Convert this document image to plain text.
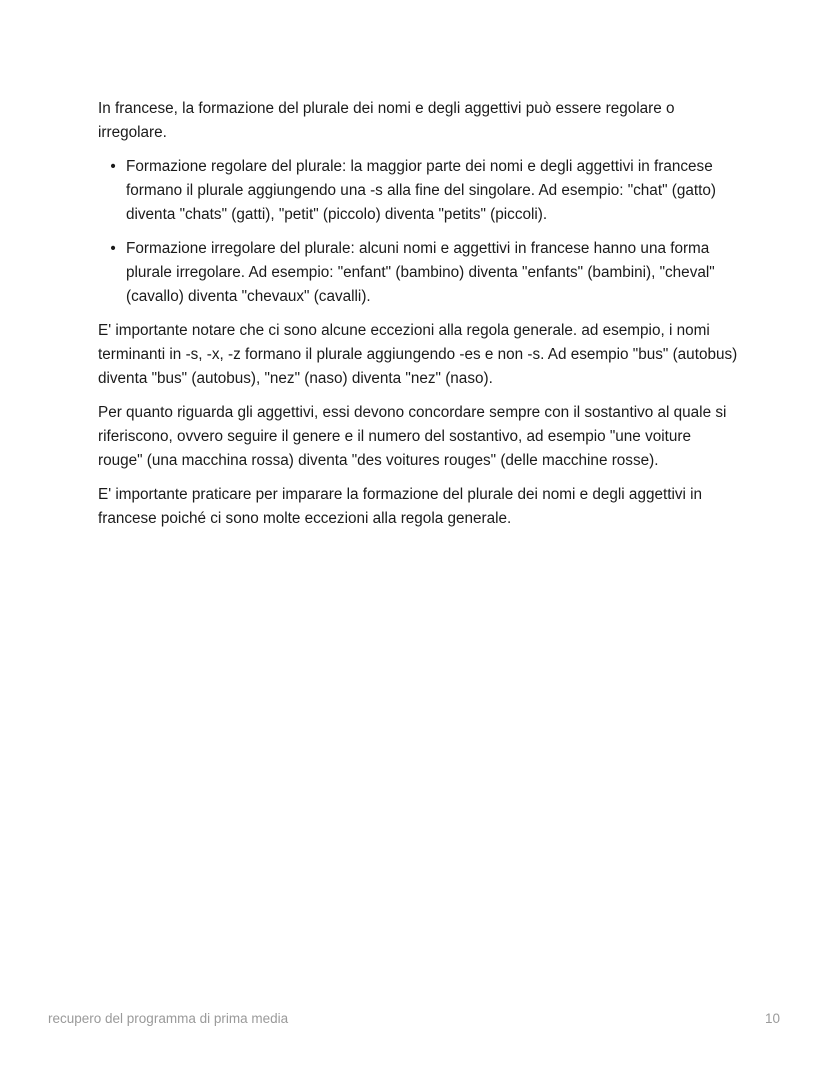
In francese, la formazione del plurale dei nomi e degli aggettivi può essere regolare o irregolare.

• Formazione regolare del plurale: la maggior parte dei nomi e degli aggettivi in francese formano il plurale aggiungendo una -s alla fine del singolare. Ad esempio: "chat" (gatto) diventa "chats" (gatti), "petit" (piccolo) diventa "petits" (piccoli).
• Formazione irregolare del plurale: alcuni nomi e aggettivi in francese hanno una forma plurale irregolare. Ad esempio: "enfant" (bambino) diventa "enfants" (bambini), "cheval" (cavallo) diventa "chevaux" (cavalli).

E' importante notare che ci sono alcune eccezioni alla regola generale. ad esempio, i nomi terminanti in -s, -x, -z formano il plurale aggiungendo -es e non -s. Ad esempio "bus" (autobus) diventa "bus" (autobus), "nez" (naso) diventa "nez" (naso).

Per quanto riguarda gli aggettivi, essi devono concordare sempre con il sostantivo al quale si riferiscono, ovvero seguire il genere e il numero del sostantivo, ad esempio "une voiture rouge" (una macchina rossa) diventa "des voitures rouges" (delle macchine rosse).

E' importante praticare per imparare la formazione del plurale dei nomi e degli aggettivi in francese poiché ci sono molte eccezioni alla regola generale.

recupero del programma di prima media	10
